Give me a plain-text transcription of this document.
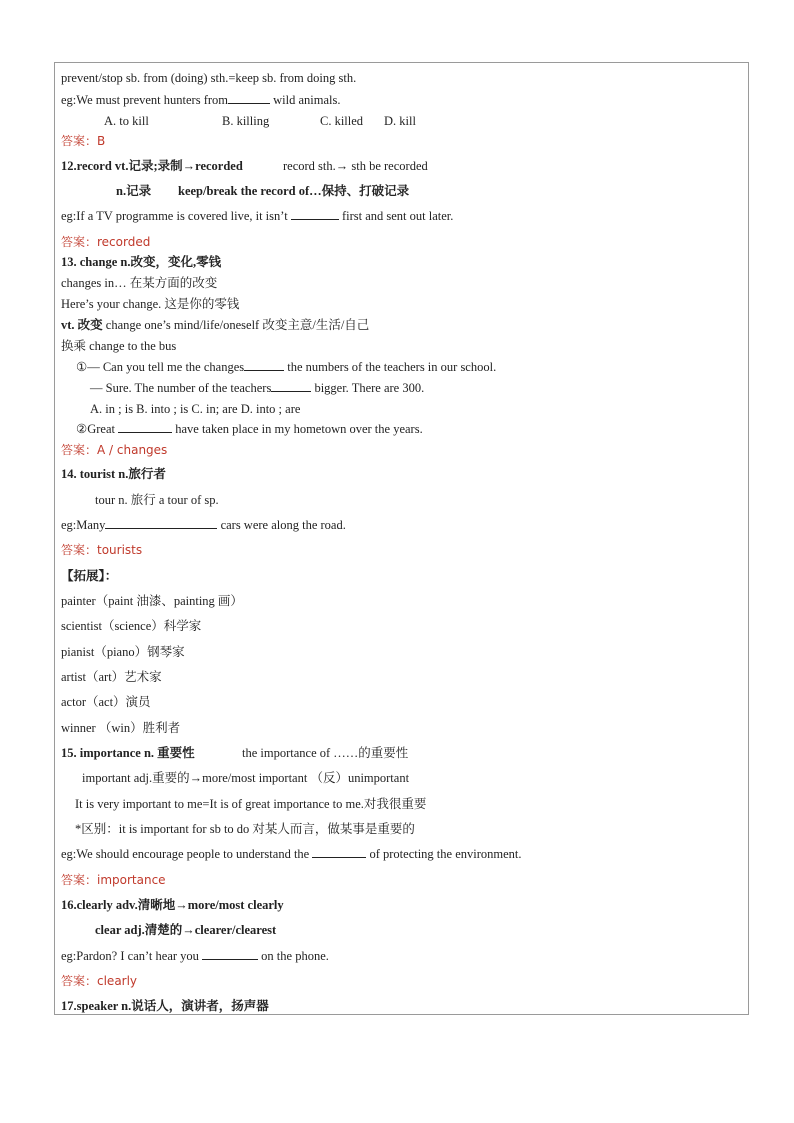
prevent/stop sb. from (doing) sth.=keep sb. from doing sth.
eg:We must prevent hunters from	wild animals.
A. to kill	B. killing	C. killed D. kill
答案：B
12.record vt.记录;录制→recorded	record sth.→ sth be recorded
n.记录 keep/break the record of…保持、打破记录
eg:If a TV programme is covered live, it isn’t	first and sent out later.
答案：recorded
13. change n.改变，变化,零钱
changes in… 在某方面的改变
Here’s your change. 这是你的零钱
vt. 改变 change one’s mind/life/oneself 改变主意/生活/自己
换乘 change to the bus
①— Can you tell me the changes	the numbers of the teachers in our school.
— Sure. The number of the teachers	bigger. There are 300.
A. in ; is B. into ; is C. in; are D. into ; are
②Great	have taken place in my hometown over the years.
答案：A / changes
14. tourist n.旅行者
tour n. 旅行 a tour of sp.
eg:Many	cars were along the road.
答案：tourists
【拓展】：
painter（paint 油漆、painting 画）
scientist（science）科学家
pianist（piano）钢琴家
artist（art）艺术家
actor（act）演员
winner （win）胜利者
15. importance n. 重要性	the importance of ……的重要性
important adj.重要的→more/most important （反）unimportant
It is very important to me=It is of great importance to me.对我很重要
*区别：it is important for sb to do 对某人而言，做某事是重要的
eg:We should encourage people to understand the	of protecting the environment.
答案：importance
16.clearly adv.清晰地→more/most clearly
clear adj.清楚的→clearer/clearest
eg:Pardon? I can’t hear you	on the phone.
答案：clearly
17.speaker n.说话人，演讲者，扬声器
